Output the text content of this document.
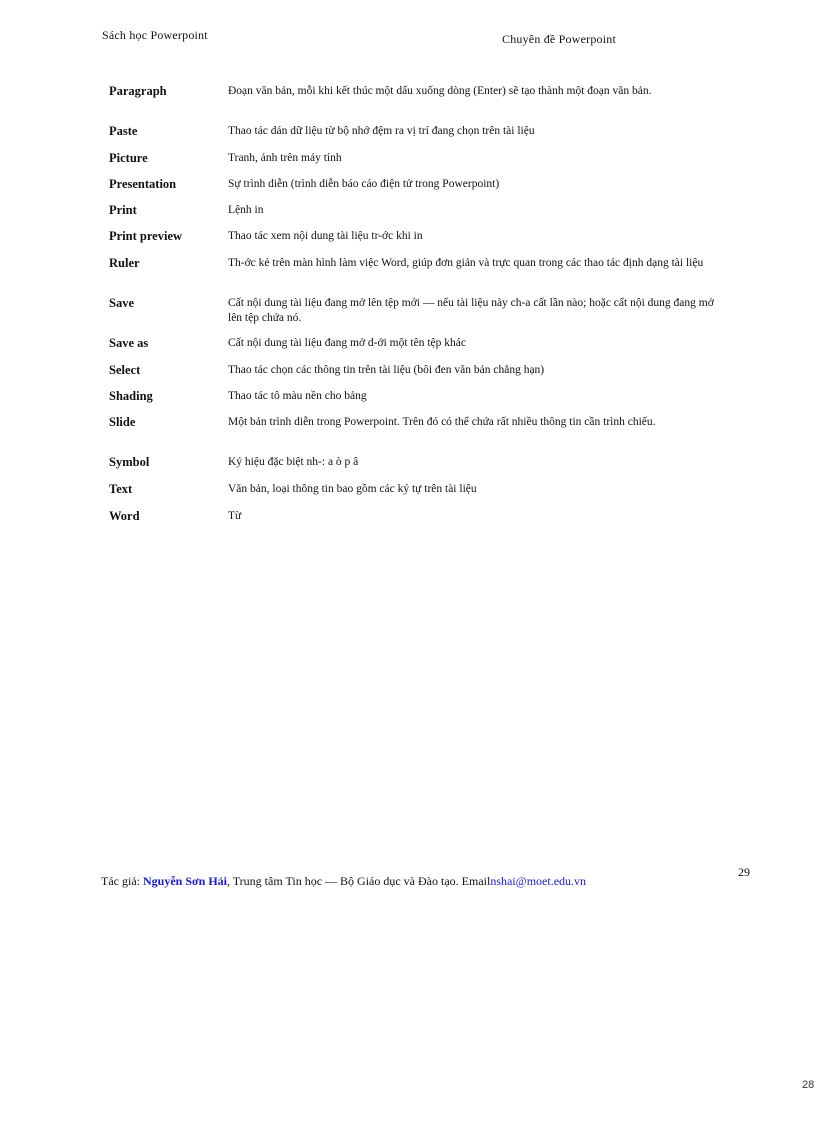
Sách học Powerpoint	Chuyên đề Powerpoint
Paragraph	Đoạn văn bản, mỗi khi kết thúc một dấu xuống dòng (Enter) sẽ tạo thành một đoạn văn bản.
Paste	Thao tác dán dữ liệu từ bộ nhớ đệm ra vị trí đang chọn trên tài liệu
Picture	Tranh, ảnh trên máy tính
Presentation	Sự trình diễn (trình diễn báo cáo điện tử trong Powerpoint)
Print	Lệnh in
Print preview	Thao tác xem nội dung tài liệu tr-ớc khi in
Ruler	Th-ớc kẻ trên màn hình làm việc Word, giúp đơn giản và trực quan trong các thao tác định dạng tài liệu
Save	Cất nội dung tài liệu đang mở lên tệp mới — nếu tài liệu này ch-a cất lần nào; hoặc cất nội dung đang mở lên tệp chứa nó.
Save as	Cất nội dung tài liệu đang mở d-ới một tên tệp khác
Select	Thao tác chọn các thông tin trên tài liệu (bôi đen văn bản chẳng hạn)
Shading	Thao tác tô màu nền cho bảng
Slide	Một bản trình diễn trong Powerpoint. Trên đó có thể chứa rất nhiều thông tin cần trình chiếu.
Symbol	Ký hiệu đặc biệt nh-: a ò p â
Text	Văn bản, loại thông tin bao gồm các ký tự trên tài liệu
Word	Từ
29
Tác giả: Nguyễn Sơn Hải, Trung tâm Tin học — Bộ Giáo dục và Đào tạo. Emailnshai@moet.edu.vn
28
